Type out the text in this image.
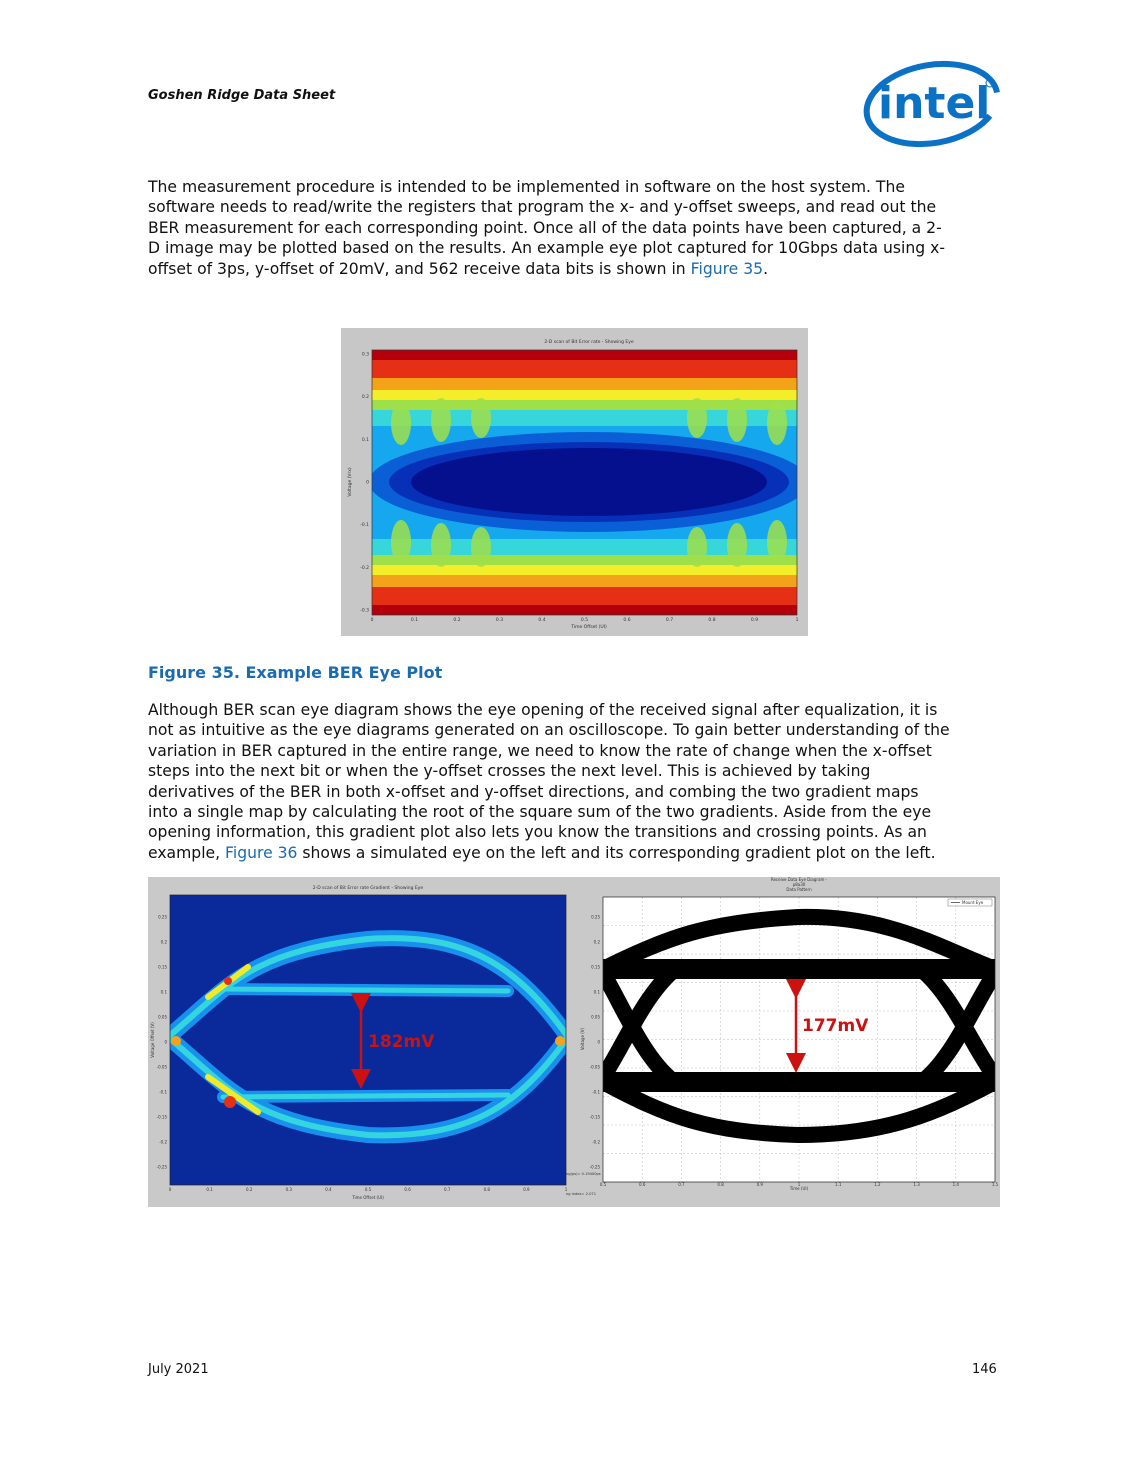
Goshen Ridge Data Sheet	intel
The measurement procedure is intended to be implemented in software on the host system. The
software needs to read/write the registers that program the x- and y-offset sweeps, and read out the
BER measurement for each corresponding point. Once all of the data points have been captured, a 2-
D image may be plotted based on the results. An example eye plot captured for 10Gbps data using x-
offset of 3ps, y-offset of 20mV, and 562 receive data bits is shown in Figure 35.
2-D scan of Bit Error rate - Showing Eye
0.3
0.2
0.1
0
-0.1
-0.2
-0.3
0	0.1	0.2	0.3	0.4	0.5	0.6	0.7	0.8	0.9	1
Time Offset (UI)
Voltage (Vrx)
Figure 35. Example BER Eye Plot
Although BER scan eye diagram shows the eye opening of the received signal after equalization, it is
not as intuitive as the eye diagrams generated on an oscilloscope. To gain better understanding of the
variation in BER captured in the entire range, we need to know the rate of change when the x-offset
steps into the next bit or when the y-offset crosses the next level. This is achieved by taking
derivatives of the BER in both x-offset and y-offset directions, and combing the two gradient maps
into a single map by calculating the root of the square sum of the two gradients. Aside from the eye
opening information, this gradient plot also lets you know the transitions and crossing points. As an
example, Figure 36 shows a simulated eye on the left and its corresponding gradient plot on the left.
2-D scan of Bit Error rate Gradient - Showing Eye
182mV
0.25
0.2
0.15
0.1
0.05
0
-0.05
-0.1
-0.15
-0.2
-0.25
0	0.1	0.2	0.3	0.4	0.5	0.6	0.7	0.8	0.9	1
Time Offset (UI)
Voltage Offset (V)
Receive Data Eye Diagram -
p8a30
Data Pattern
Mount Eye
177mV
ng(ps)= 0.19400ps
ng index= 2.071
0.25
0.2
0.15
0.1
0.05
0
-0.05
-0.1
-0.15
-0.2
-0.25
0.5	0.6	0.7	0.8	0.9	1	1.1	1.2	1.3	1.4	1.5
Time (UI)
Voltage (V)
July 2021	146
